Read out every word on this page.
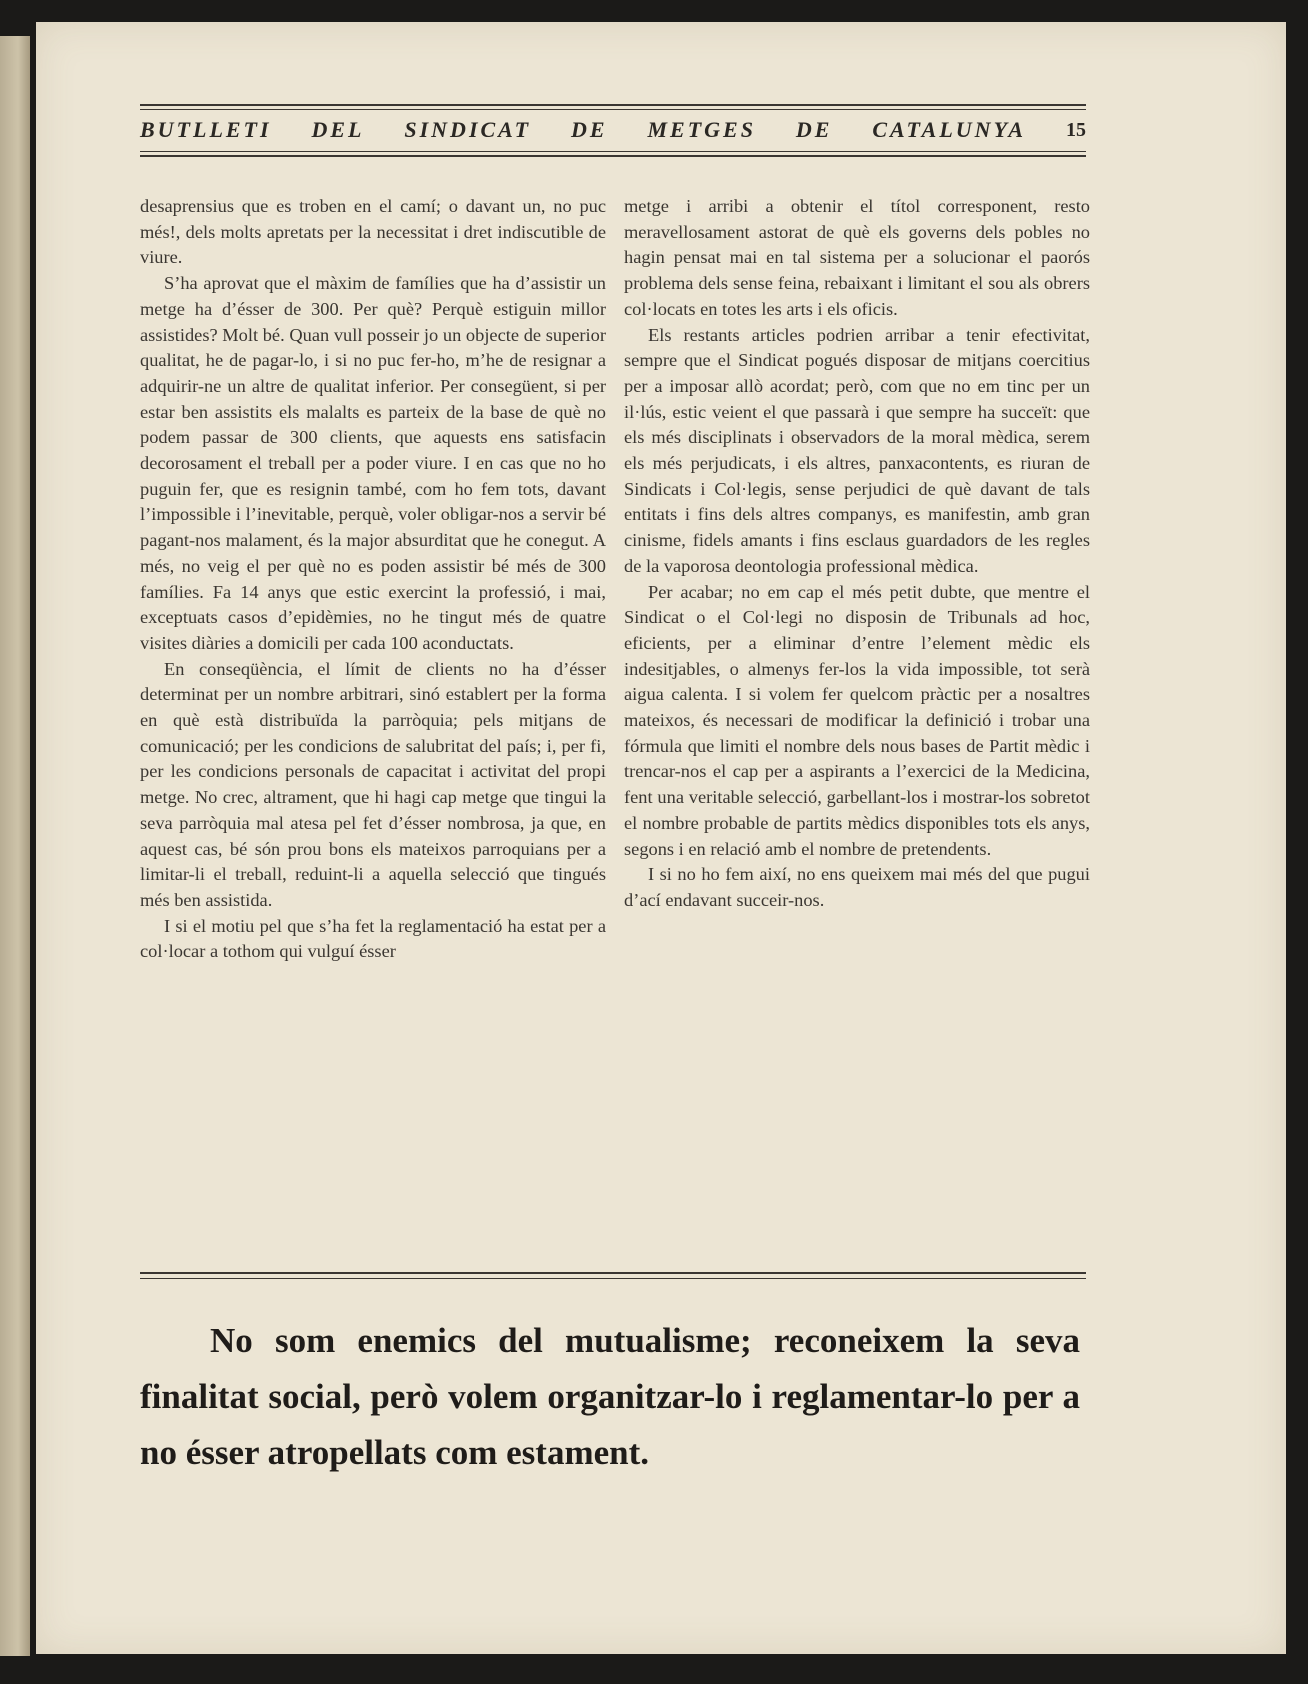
BUTLLETI DEL SINDICAT DE METGES DE CATALUNYA 15

desaprensius que es troben en el camí; o davant un, no puc més!, dels molts apretats per la necessitat i dret indiscutible de viure.

S’ha aprovat que el màxim de famílies que ha d’assistir un metge ha d’ésser de 300. Per què? Perquè estiguin millor assistides? Molt bé. Quan vull posseir jo un objecte de superior qualitat, he de pagar-lo, i si no puc fer-ho, m’he de resignar a adquirir-ne un altre de qualitat inferior. Per consegüent, si per estar ben assistits els malalts es parteix de la base de què no podem passar de 300 clients, que aquests ens satisfacin decorosament el treball per a poder viure. I en cas que no ho puguin fer, que es resignin també, com ho fem tots, davant l’impossible i l’inevitable, perquè, voler obligar-nos a servir bé pagant-nos malament, és la major absurditat que he conegut. A més, no veig el per què no es poden assistir bé més de 300 famílies. Fa 14 anys que estic exercint la professió, i mai, exceptuats casos d’epidèmies, no he tingut més de quatre visites diàries a domicili per cada 100 aconductats.

En conseqüència, el límit de clients no ha d’ésser determinat per un nombre arbitrari, sinó establert per la forma en què està distribuïda la parròquia; pels mitjans de comunicació; per les condicions de salubritat del país; i, per fi, per les condicions personals de capacitat i activitat del propi metge. No crec, altrament, que hi hagi cap metge que tingui la seva parròquia mal atesa pel fet d’ésser nombrosa, ja que, en aquest cas, bé són prou bons els mateixos parroquians per a limitar-li el treball, reduint-li a aquella selecció que tingués més ben assistida.

I si el motiu pel que s’ha fet la reglamentació ha estat per a col·locar a tothom qui vulguí ésser

metge i arribi a obtenir el títol corresponent, resto meravellosament astorat de què els governs dels pobles no hagin pensat mai en tal sistema per a solucionar el paorós problema dels sense feina, rebaixant i limitant el sou als obrers col·locats en totes les arts i els oficis.

Els restants articles podrien arribar a tenir efectivitat, sempre que el Sindicat pogués disposar de mitjans coercitius per a imposar allò acordat; però, com que no em tinc per un il·lús, estic veient el que passarà i que sempre ha succeït: que els més disciplinats i observadors de la moral mèdica, serem els més perjudicats, i els altres, panxacontents, es riuran de Sindicats i Col·legis, sense perjudici de què davant de tals entitats i fins dels altres companys, es manifestin, amb gran cinisme, fidels amants i fins esclaus guardadors de les regles de la vaporosa deontologia professional mèdica.

Per acabar; no em cap el més petit dubte, que mentre el Sindicat o el Col·legi no disposin de Tribunals ad hoc, eficients, per a eliminar d’entre l’element mèdic els indesitjables, o almenys fer-los la vida impossible, tot serà aigua calenta. I si volem fer quelcom pràctic per a nosaltres mateixos, és necessari de modificar la definició i trobar una fórmula que limiti el nombre dels nous bases de Partit mèdic i trencar-nos el cap per a aspirants a l’exercici de la Medicina, fent una veritable selecció, garbellant-los i mostrar-los sobretot el nombre probable de partits mèdics disponibles tots els anys, segons i en relació amb el nombre de pretendents.

I si no ho fem així, no ens queixem mai més del que pugui d’ací endavant succeir-nos.

No som enemics del mutualisme; reconeixem la seva finalitat social, però volem organitzar-lo i reglamentar-lo per a no ésser atropellats com estament.
